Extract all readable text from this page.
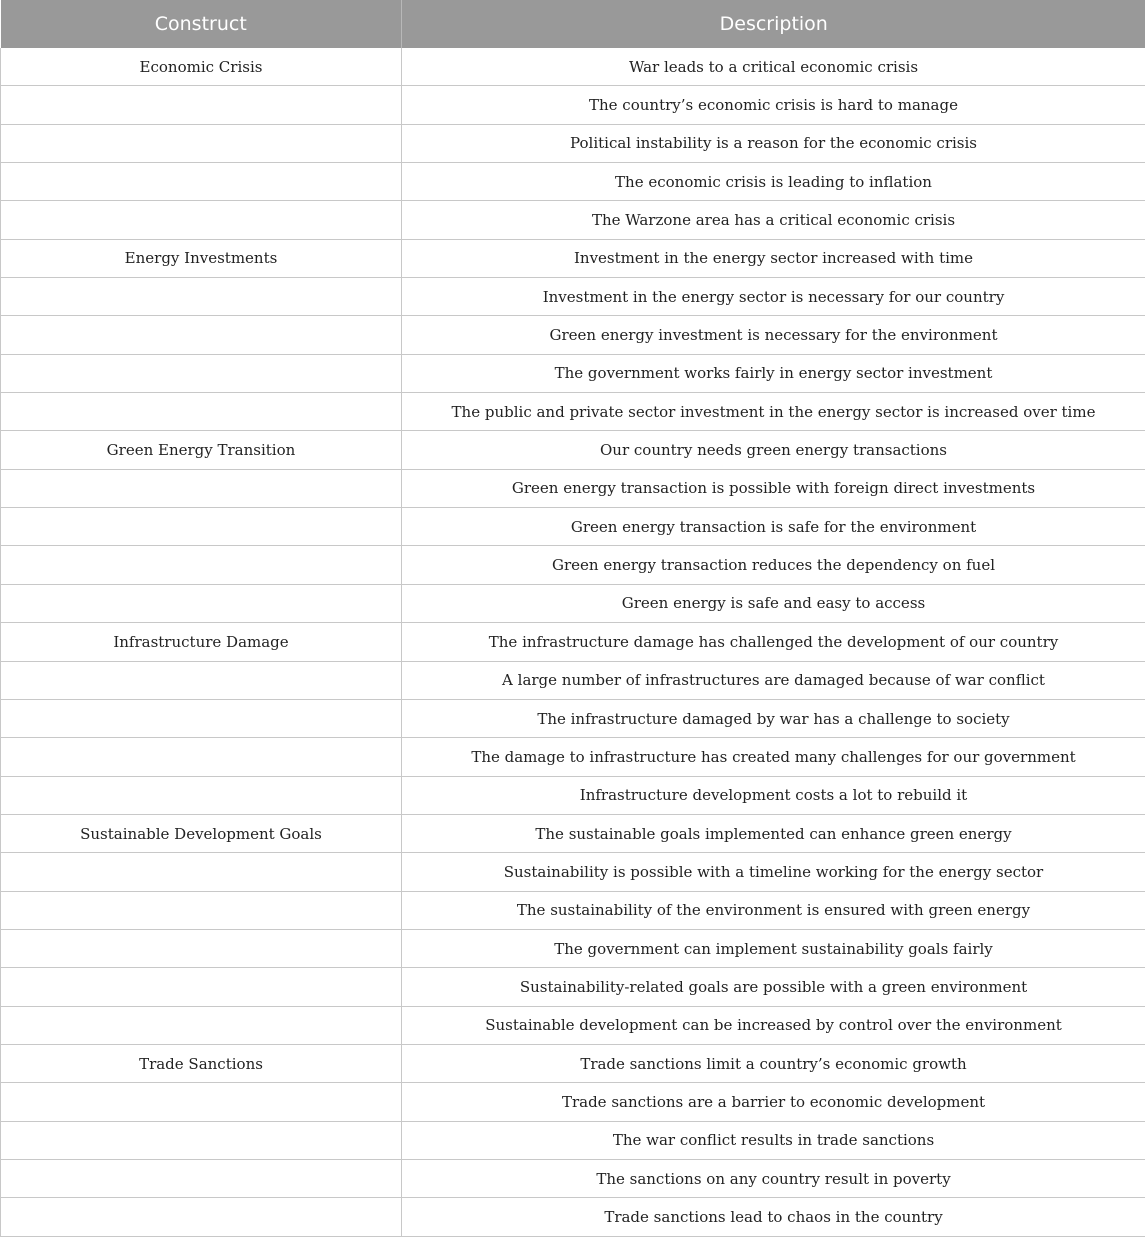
Construct	Description
Economic Crisis	War leads to a critical economic crisis
	The country’s economic crisis is hard to manage
	Political instability is a reason for the economic crisis
	The economic crisis is leading to inflation
	The Warzone area has a critical economic crisis
Energy Investments	Investment in the energy sector increased with time
	Investment in the energy sector is necessary for our country
	Green energy investment is necessary for the environment
	The government works fairly in energy sector investment
	The public and private sector investment in the energy sector is increased over time
Green Energy Transition	Our country needs green energy transactions
	Green energy transaction is possible with foreign direct investments
	Green energy transaction is safe for the environment
	Green energy transaction reduces the dependency on fuel
	Green energy is safe and easy to access
Infrastructure Damage	The infrastructure damage has challenged the development of our country
	A large number of infrastructures are damaged because of war conflict
	The infrastructure damaged by war has a challenge to society
	The damage to infrastructure has created many challenges for our government
	Infrastructure development costs a lot to rebuild it
Sustainable Development Goals	The sustainable goals implemented can enhance green energy
	Sustainability is possible with a timeline working for the energy sector
	The sustainability of the environment is ensured with green energy
	The government can implement sustainability goals fairly
	Sustainability-related goals are possible with a green environment
	Sustainable development can be increased by control over the environment
Trade Sanctions	Trade sanctions limit a country’s economic growth
	Trade sanctions are a barrier to economic development
	The war conflict results in trade sanctions
	The sanctions on any country result in poverty
	Trade sanctions lead to chaos in the country
